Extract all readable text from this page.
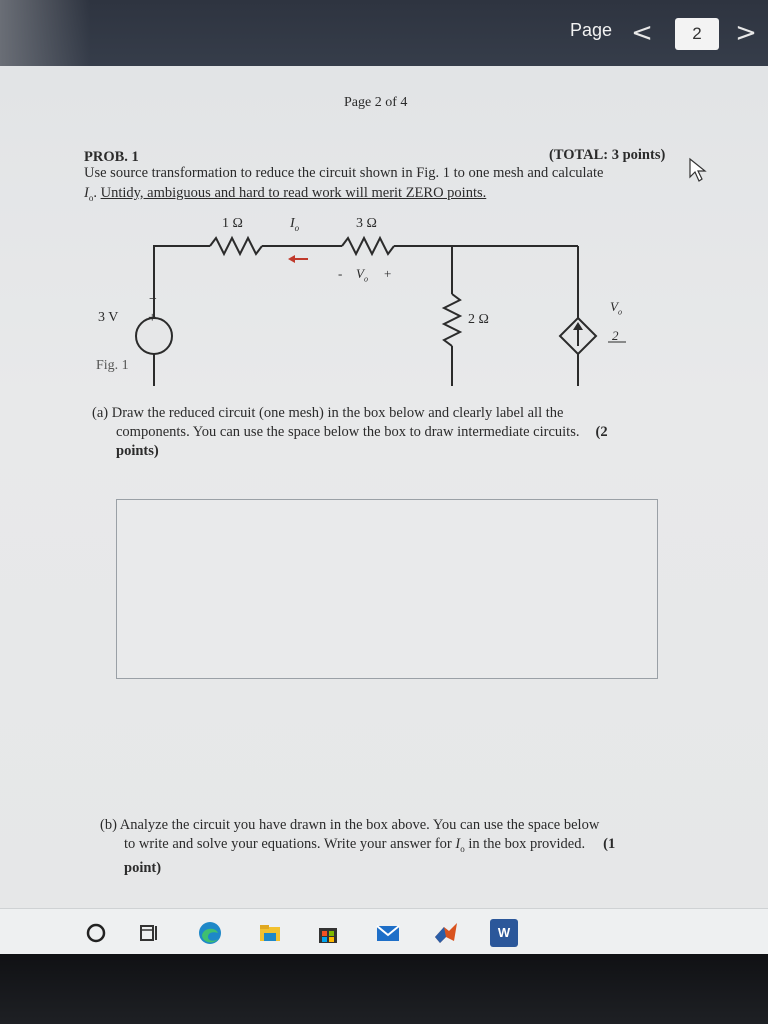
Page <	2	>
Page 2 of 4
PROB. 1	(TOTAL: 3 points)
Use source transformation to reduce the circuit shown in Fig. 1 to one mesh and calculate
$I_o$. Untidy, ambiguous and hard to read work will merit ZERO points.
1 Ω	$I_o$	3 Ω
- $V_o$ +
3 V
−
+	2 Ω
$V_o$
2
Fig. 1
(a) Draw the reduced circuit (one mesh) in the box below and clearly label all the
components. You can use the space below the box to draw intermediate circuits. (2
points)
(b) Analyze the circuit you have drawn in the box above. You can use the space below
to write and solve your equations. Write your answer for $I_o$ in the box provided. (1
point)
W
